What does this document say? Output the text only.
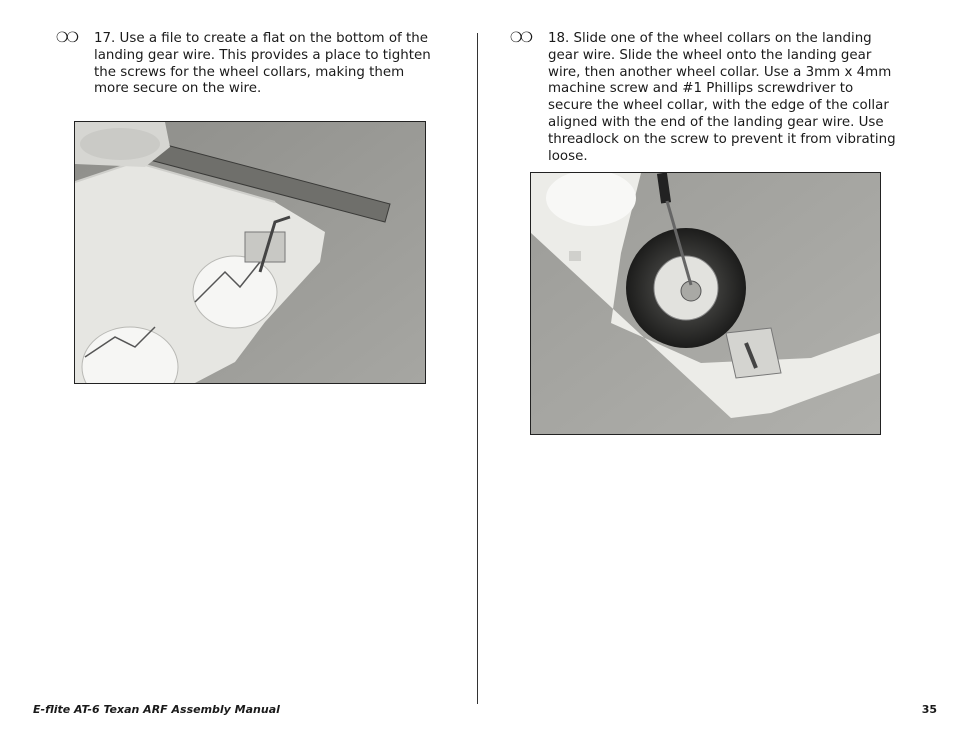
❍❍ 17. Use a file to create a flat on the bottom of the landing gear wire. This provides a place to tighten the screws for the wheel collars, making them more secure on the wire.
❍❍ 18. Slide one of the wheel collars on the landing gear wire. Slide the wheel onto the landing gear wire, then another wheel collar. Use a 3mm x 4mm machine screw and #1 Phillips screwdriver to secure the wheel collar, with the edge of the collar aligned with the end of the landing gear wire. Use threadlock on the screw to prevent it from vibrating loose.
E-flite AT-6 Texan ARF Assembly Manual	35
